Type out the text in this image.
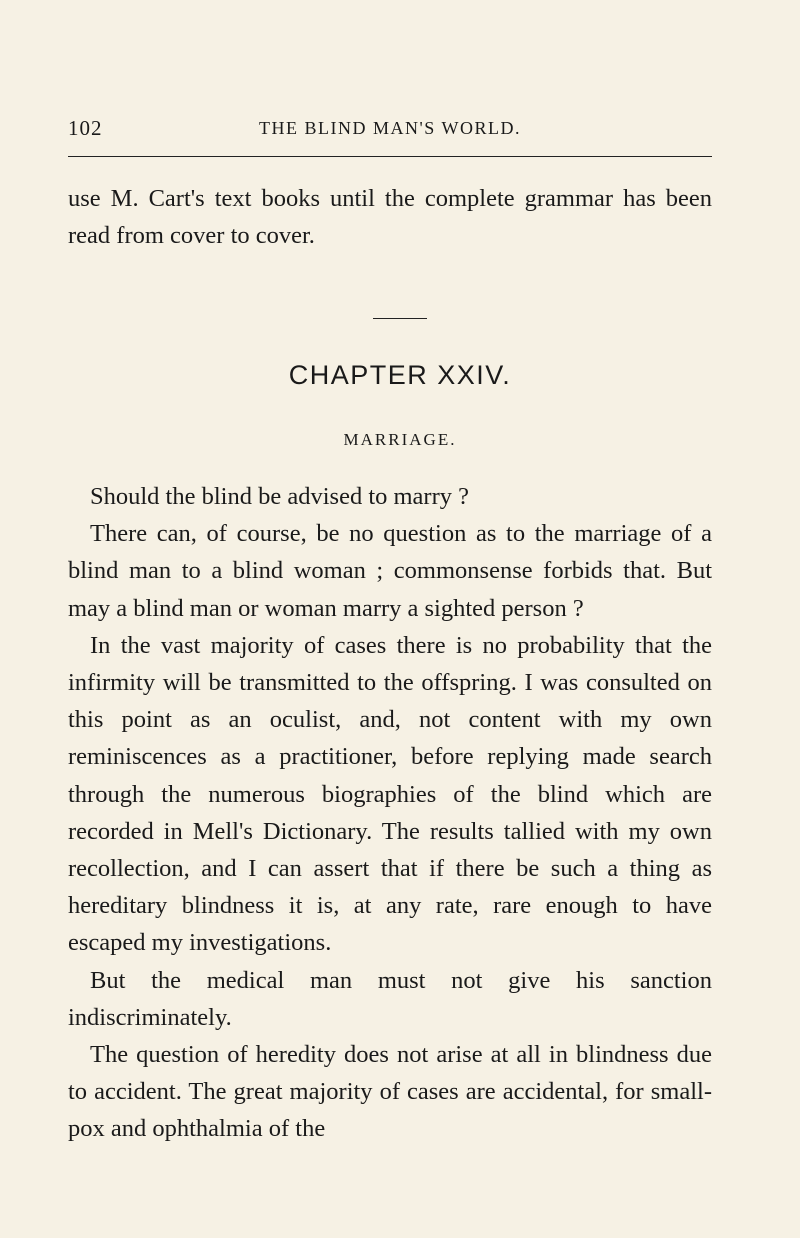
102	THE BLIND MAN'S WORLD.

use M. Cart's text books until the complete grammar has been read from cover to cover.

CHAPTER XXIV.
MARRIAGE.

Should the blind be advised to marry ?

There can, of course, be no question as to the marriage of a blind man to a blind woman ; commonsense forbids that. But may a blind man or woman marry a sighted person ?

In the vast majority of cases there is no probability that the infirmity will be transmitted to the offspring. I was consulted on this point as an oculist, and, not content with my own reminiscences as a practitioner, before replying made search through the numerous biographies of the blind which are recorded in Mell's Dictionary. The results tallied with my own recollection, and I can assert that if there be such a thing as hereditary blindness it is, at any rate, rare enough to have escaped my investigations.

But the medical man must not give his sanction indiscriminately.

The question of heredity does not arise at all in blindness due to accident. The great majority of cases are accidental, for small-pox and ophthalmia of the
